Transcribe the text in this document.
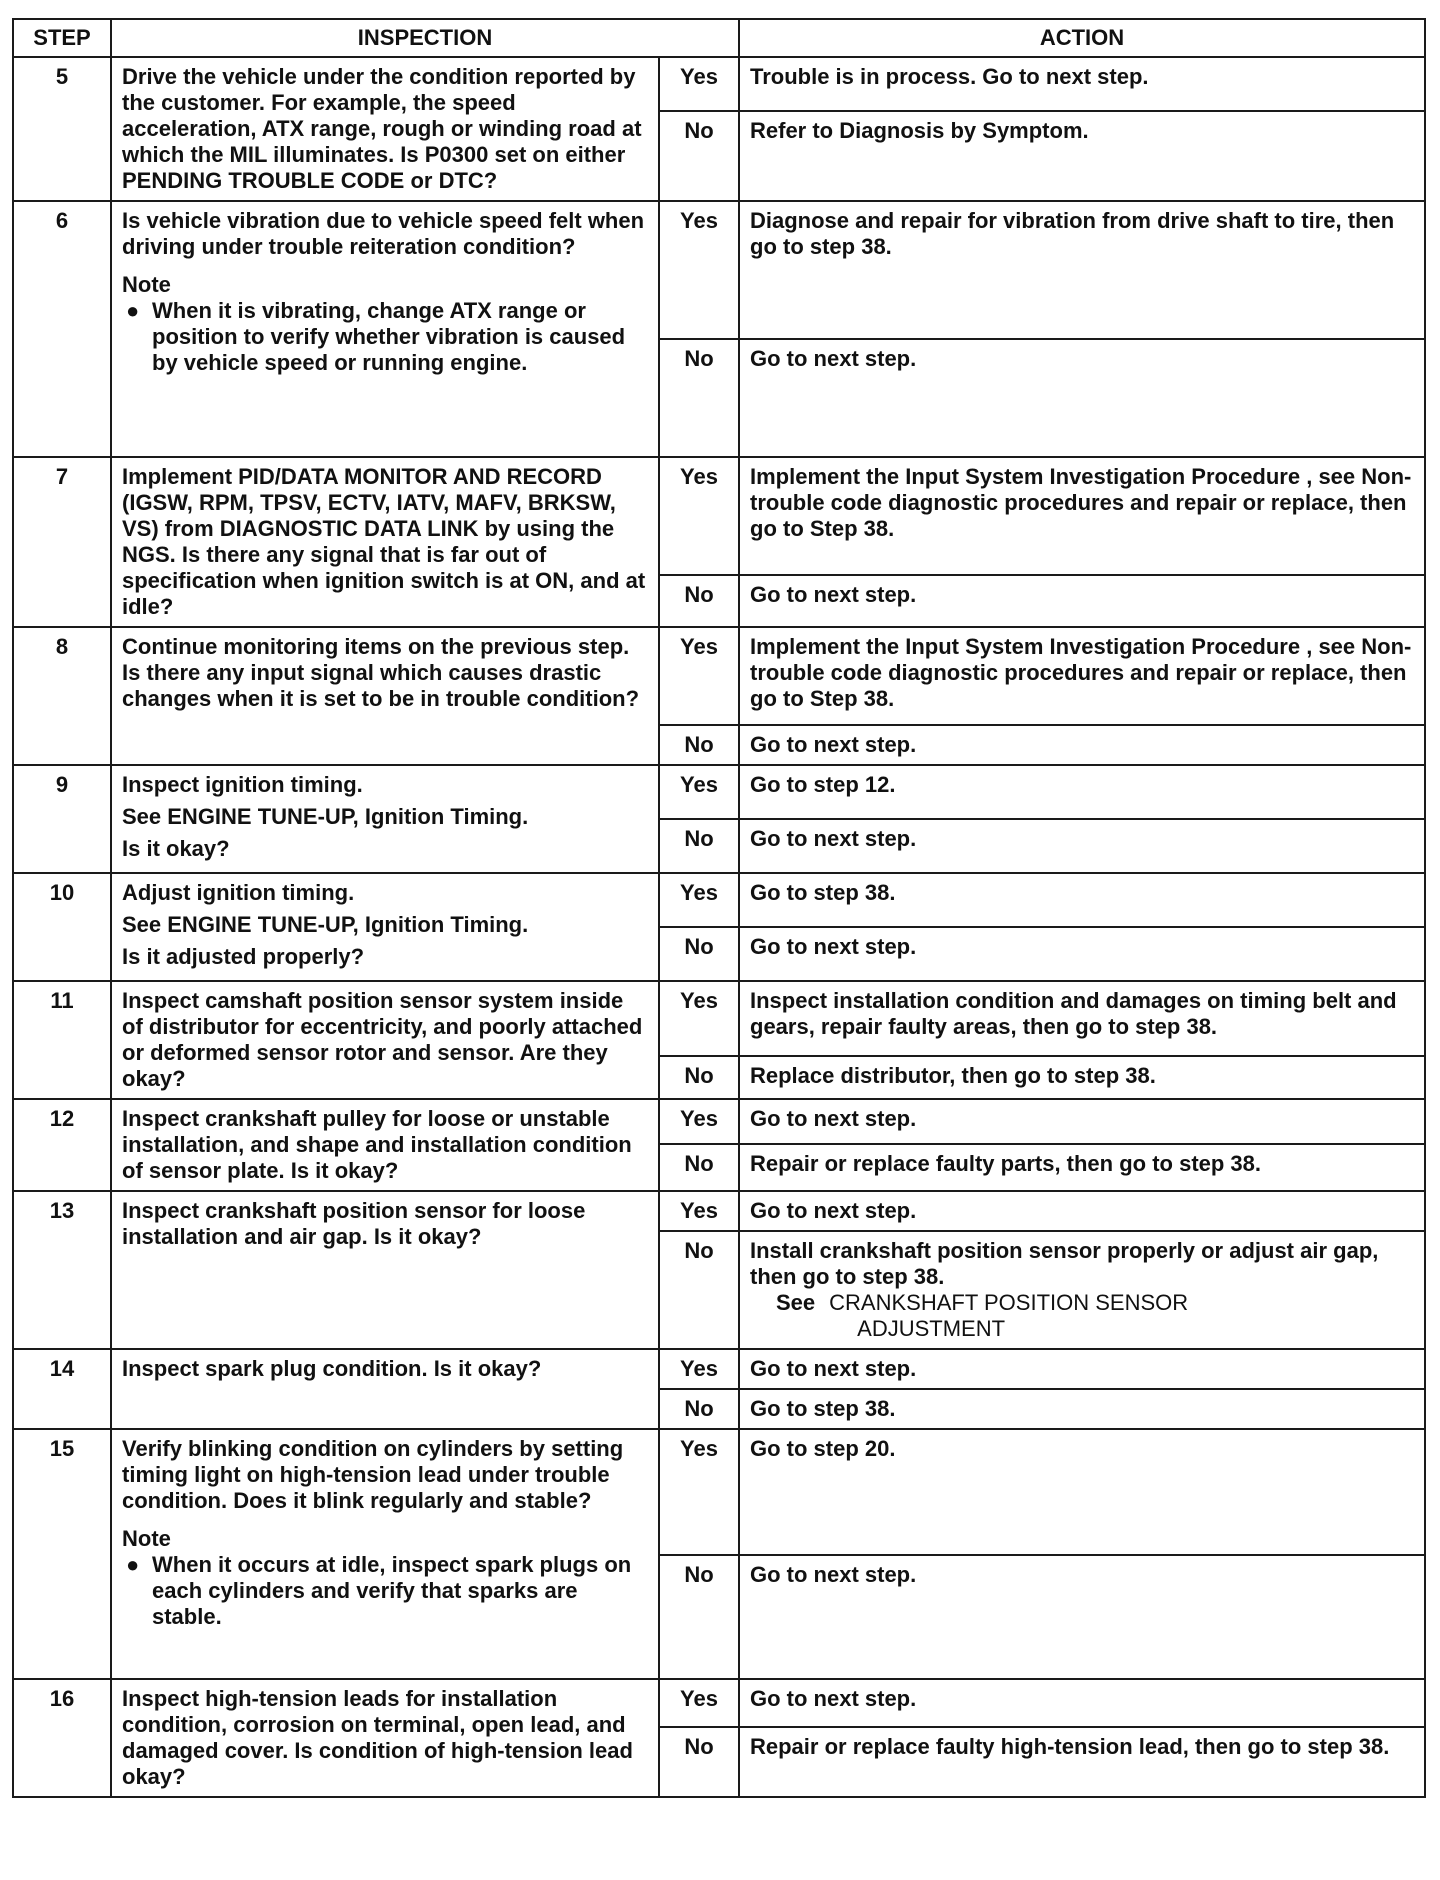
STEP	INSPECTION		ACTION
5	Drive the vehicle under the condition reported by the customer. For example, the speed acceleration, ATX range, rough or winding road at which the MIL illuminates. Is P0300 set on either PENDING TROUBLE CODE or DTC?	Yes	Trouble is in process. Go to next step.
		No	Refer to Diagnosis by Symptom.
6	Is vehicle vibration due to vehicle speed felt when driving under trouble reiteration condition?
Note
● When it is vibrating, change ATX range or position to verify whether vibration is caused by vehicle speed or running engine.	Yes	Diagnose and repair for vibration from drive shaft to tire, then go to step 38.
		No	Go to next step.
7	Implement PID/DATA MONITOR AND RECORD (IGSW, RPM, TPSV, ECTV, IATV, MAFV, BRKSW, VS) from DIAGNOSTIC DATA LINK by using the NGS. Is there any signal that is far out of specification when ignition switch is at ON, and at idle?	Yes	Implement the Input System Investigation Procedure , see Non-trouble code diagnostic procedures and repair or replace, then go to Step 38.
		No	Go to next step.
8	Continue monitoring items on the previous step. Is there any input signal which causes drastic changes when it is set to be in trouble condition?	Yes	Implement the Input System Investigation Procedure , see Non-trouble code diagnostic procedures and repair or replace, then go to Step 38.
		No	Go to next step.
9	Inspect ignition timing.
See ENGINE TUNE-UP, Ignition Timing.
Is it okay?	Yes	Go to step 12.
		No	Go to next step.
10	Adjust ignition timing.
See ENGINE TUNE-UP, Ignition Timing.
Is it adjusted properly?	Yes	Go to step 38.
		No	Go to next step.
11	Inspect camshaft position sensor system inside of distributor for eccentricity, and poorly attached or deformed sensor rotor and sensor. Are they okay?	Yes	Inspect installation condition and damages on timing belt and gears, repair faulty areas, then go to step 38.
		No	Replace distributor, then go to step 38.
12	Inspect crankshaft pulley for loose or unstable installation, and shape and installation condition of sensor plate. Is it okay?	Yes	Go to next step.
		No	Repair or replace faulty parts, then go to step 38.
13	Inspect crankshaft position sensor for loose installation and air gap. Is it okay?	Yes	Go to next step.
		No	Install crankshaft position sensor properly or adjust air gap, then go to step 38.
See CRANKSHAFT POSITION SENSOR
ADJUSTMENT

14	Inspect spark plug condition. Is it okay?	Yes	Go to next step.
		No	Go to step 38.
15	Verify blinking condition on cylinders by setting timing light on high-tension lead under trouble condition. Does it blink regularly and stable?
Note
● When it occurs at idle, inspect spark plugs on each cylinders and verify that sparks are stable.	Yes	Go to step 20.
		No	Go to next step.
16	Inspect high-tension leads for installation condition, corrosion on terminal, open lead, and damaged cover. Is condition of high-tension lead okay?	Yes	Go to next step.
		No	Repair or replace faulty high-tension lead, then go to step 38.
